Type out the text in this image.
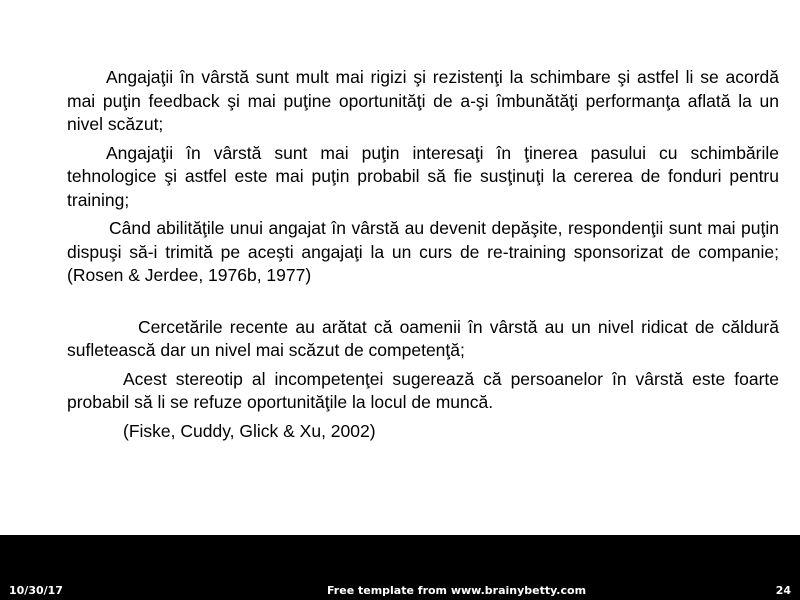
Angajaţii în vârstă sunt mult mai rigizi şi rezistenţi la schimbare şi astfel li se acordă mai puţin feedback şi mai puţine oportunităţi de a-şi îmbunătăţi performanţa aflată la un nivel scăzut;

Angajaţii în vârstă sunt mai puţin interesaţi în ţinerea pasului cu schimbările tehnologice şi astfel este mai puţin probabil să fie susţinuţi la cererea de fonduri pentru training;

Când abilităţile unui angajat în vârstă au devenit depăşite, respondenţii sunt mai puţin dispuşi să-i trimită pe aceşti angajaţi la un curs de re-training sponsorizat de companie; (Rosen & Jerdee, 1976b, 1977)

Cercetările recente au arătat că oamenii în vârstă au un nivel ridicat de căldură sufletească dar un nivel mai scăzut de competenţă;

Acest stereotip al incompetenţei sugerează că persoanelor în vârstă este foarte probabil să li se refuze oportunităţile la locul de muncă.

(Fiske, Cuddy, Glick & Xu, 2002)

10/30/17	Free template from www.brainybetty.com	24
